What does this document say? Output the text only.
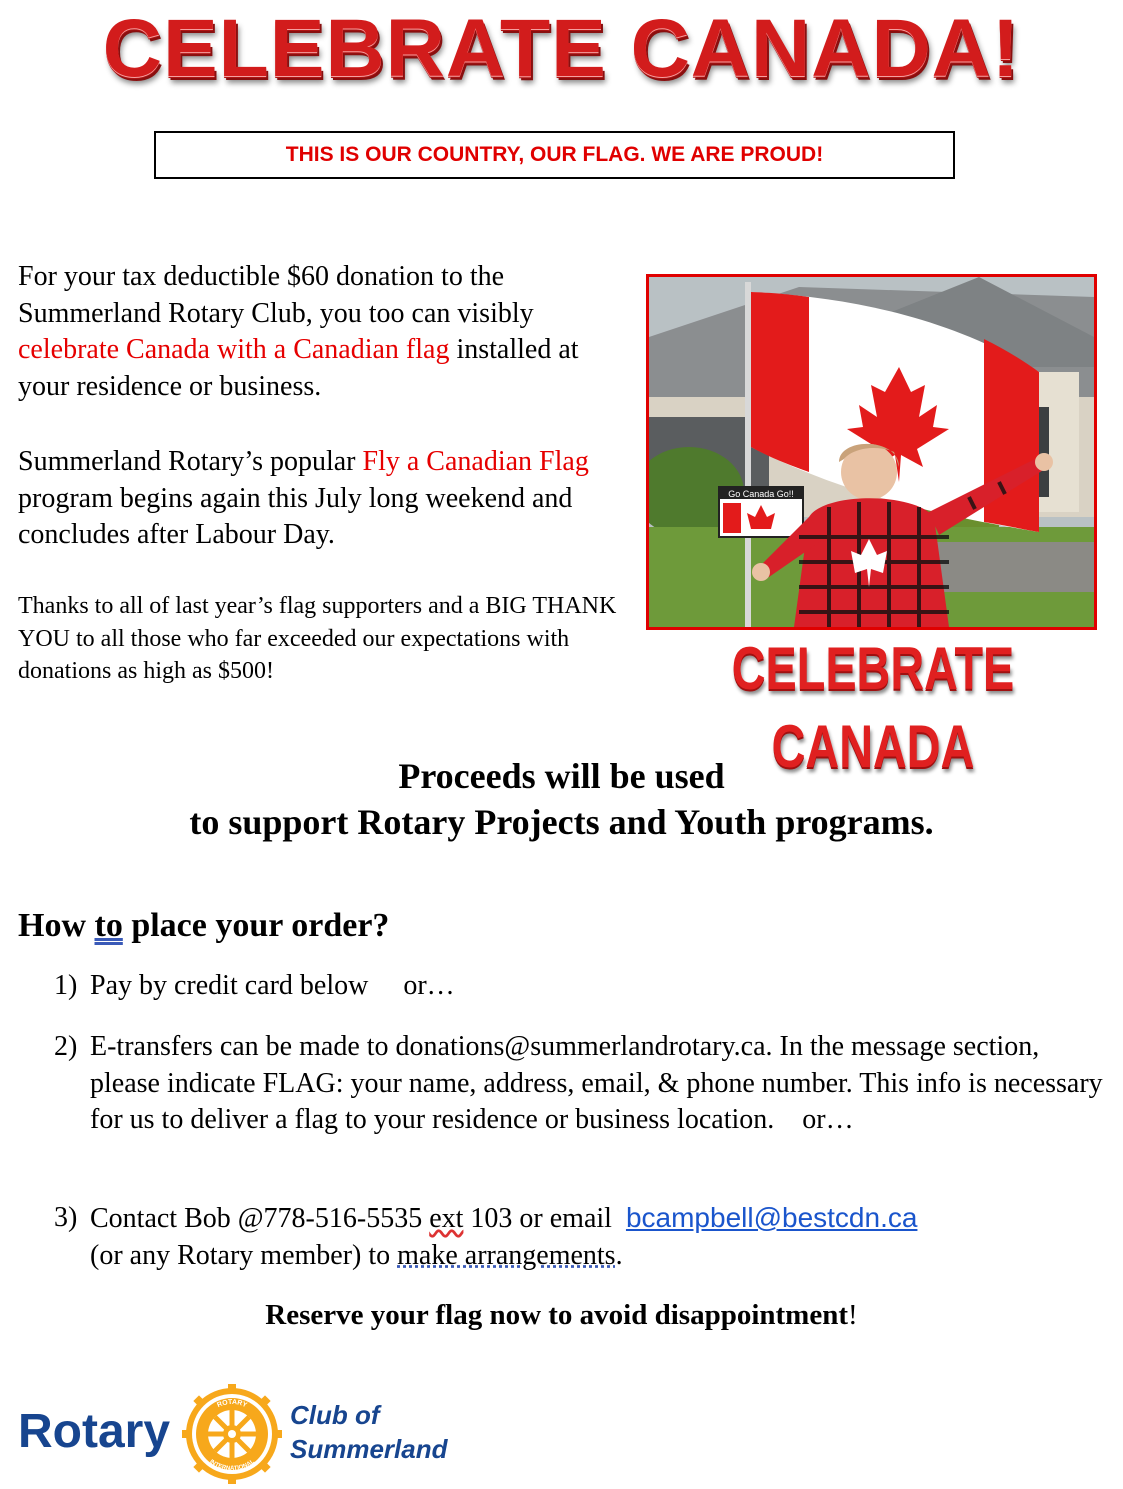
CELEBRATE CANADA!
THIS IS OUR COUNTRY, OUR FLAG. WE ARE PROUD!
For your tax deductible $60 donation to the Summerland Rotary Club, you too can visibly celebrate Canada with a Canadian flag installed at your residence or business.
Summerland Rotary’s popular Fly a Canadian Flag program begins again this July long weekend and concludes after Labour Day.
Thanks to all of last year’s flag supporters and a BIG THANK YOU to all those who far exceeded our expectations with donations as high as $500!
Go Canada Go!!
CELEBRATE CANADA
Proceeds will be used
to support Rotary Projects and Youth programs.
How to place your order?
1) Pay by credit card below     or…
2) E-transfers can be made to donations@summerlandrotary.ca. In the message section, please indicate FLAG: your name, address, email, & phone number. This info is necessary for us to deliver a flag to your residence or business location.    or…
3) Contact Bob @778-516-5535 ext 103 or email  bcampbell@bestcdn.ca
(or any Rotary member) to make arrangements.
Reserve your flag now to avoid disappointment!
Rotary
ROTARY
INTERNATIONAL
Club of
Summerland
